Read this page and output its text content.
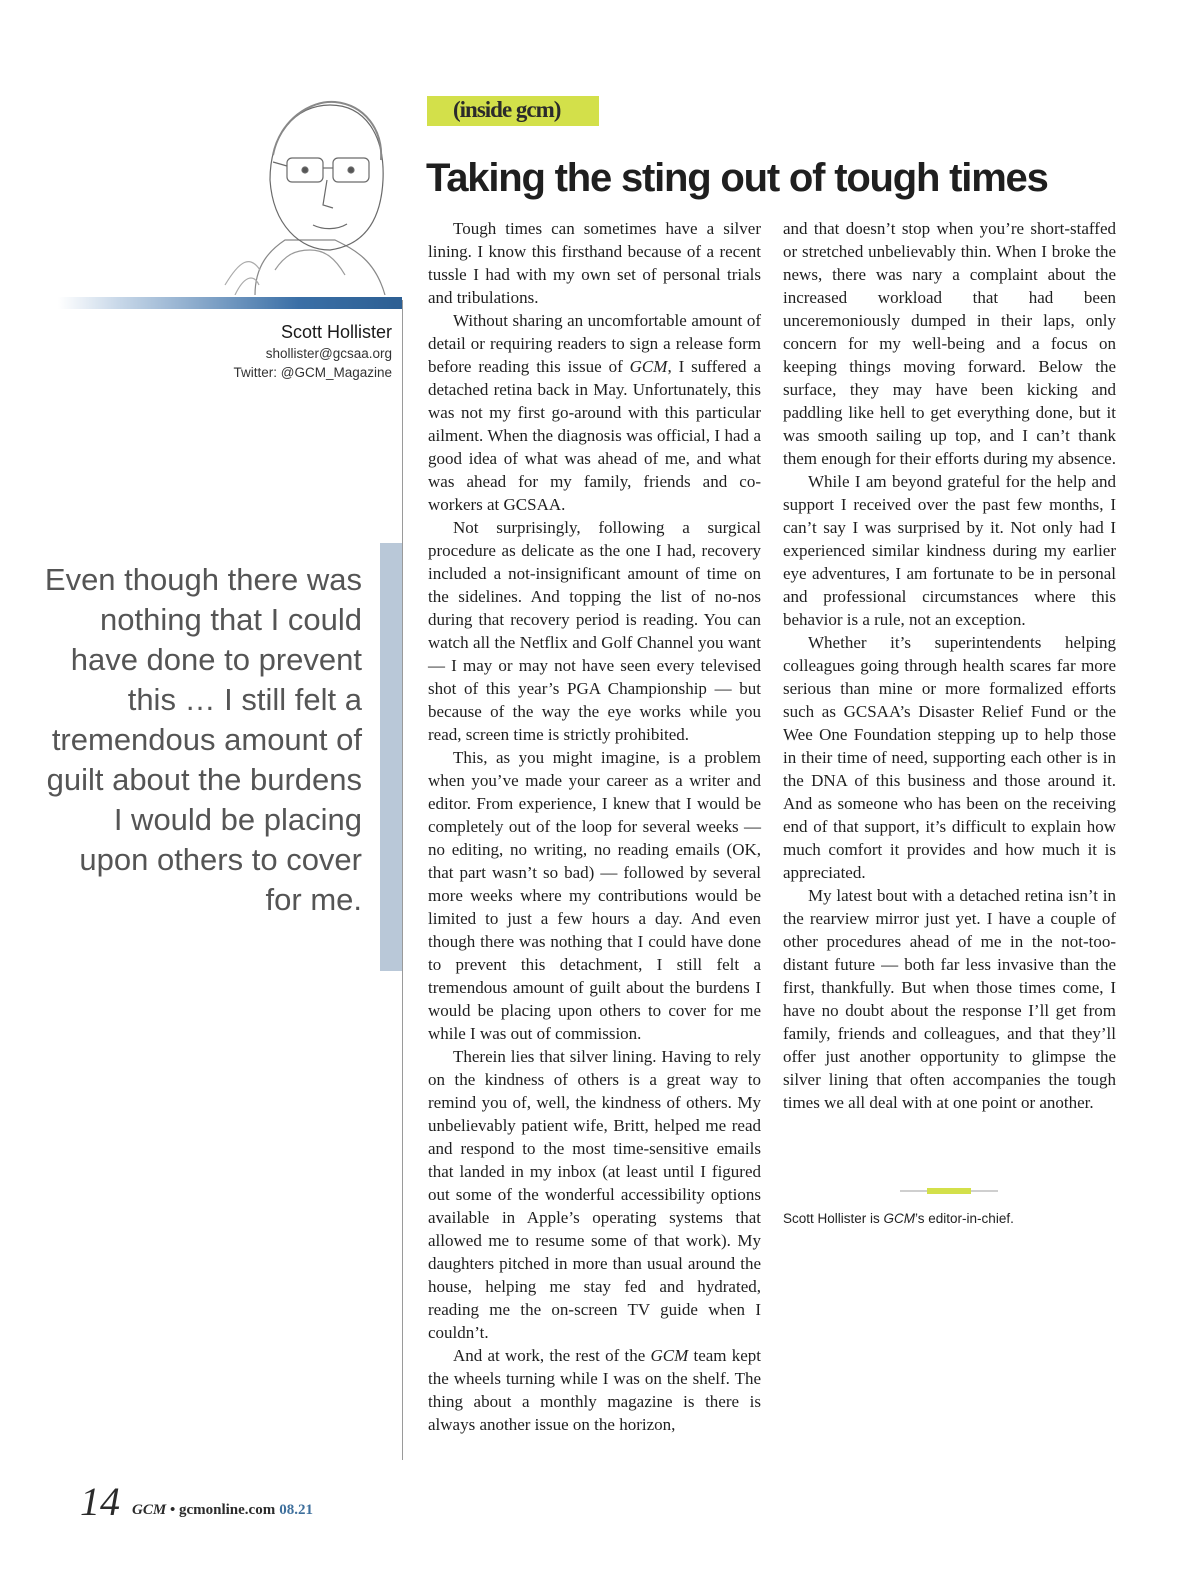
Scott Hollister
shollister@gcsaa.org
Twitter: @GCM_Magazine
Even though there was nothing that I could have done to prevent this … I still felt a tremendous amount of guilt about the burdens I would be placing upon others to cover for me.
(inside gcm)
Taking the sting out of tough times

Tough times can sometimes have a silver lining. I know this firsthand because of a recent tussle I had with my own set of personal trials and tribulations.

Without sharing an uncomfortable amount of detail or requiring readers to sign a release form before reading this issue of GCM, I suffered a detached retina back in May. Unfortunately, this was not my first go-around with this particular ailment. When the diagnosis was official, I had a good idea of what was ahead of me, and what was ahead for my family, friends and co-workers at GCSAA.

Not surprisingly, following a surgical procedure as delicate as the one I had, recovery included a not-insignificant amount of time on the sidelines. And topping the list of no-nos during that recovery period is reading. You can watch all the Netflix and Golf Channel you want — I may or may not have seen every televised shot of this year’s PGA Championship — but because of the way the eye works while you read, screen time is strictly prohibited.

This, as you might imagine, is a problem when you’ve made your career as a writer and editor. From experience, I knew that I would be completely out of the loop for several weeks — no editing, no writing, no reading emails (OK, that part wasn’t so bad) — followed by several more weeks where my contributions would be limited to just a few hours a day. And even though there was nothing that I could have done to prevent this detachment, I still felt a tremendous amount of guilt about the burdens I would be placing upon others to cover for me while I was out of commission.

Therein lies that silver lining. Having to rely on the kindness of others is a great way to remind you of, well, the kindness of others. My unbelievably patient wife, Britt, helped me read and respond to the most time-sensitive emails that landed in my inbox (at least until I figured out some of the wonderful accessibility options available in Apple’s operating systems that allowed me to resume some of that work). My daughters pitched in more than usual around the house, helping me stay fed and hydrated, reading me the on-screen TV guide when I couldn’t.

And at work, the rest of the GCM team kept the wheels turning while I was on the shelf. The thing about a monthly magazine is there is always another issue on the horizon,

and that doesn’t stop when you’re short-staffed or stretched unbelievably thin. When I broke the news, there was nary a complaint about the increased workload that had been unceremoniously dumped in their laps, only concern for my well-being and a focus on keeping things moving forward. Below the surface, they may have been kicking and paddling like hell to get everything done, but it was smooth sailing up top, and I can’t thank them enough for their efforts during my absence.

While I am beyond grateful for the help and support I received over the past few months, I can’t say I was surprised by it. Not only had I experienced similar kindness during my earlier eye adventures, I am fortunate to be in personal and professional circumstances where this behavior is a rule, not an exception.

Whether it’s superintendents helping colleagues going through health scares far more serious than mine or more formalized efforts such as GCSAA’s Disaster Relief Fund or the Wee One Foundation stepping up to help those in their time of need, supporting each other is in the DNA of this business and those around it. And as someone who has been on the receiving end of that support, it’s difficult to explain how much comfort it provides and how much it is appreciated.

My latest bout with a detached retina isn’t in the rearview mirror just yet. I have a couple of other procedures ahead of me in the not-too-distant future — both far less invasive than the first, thankfully. But when those times come, I have no doubt about the response I’ll get from family, friends and colleagues, and that they’ll offer just another opportunity to glimpse the silver lining that often accompanies the tough times we all deal with at one point or another.

Scott Hollister is GCM’s editor-in-chief.
14 GCM • gcmonline.com 08.21
